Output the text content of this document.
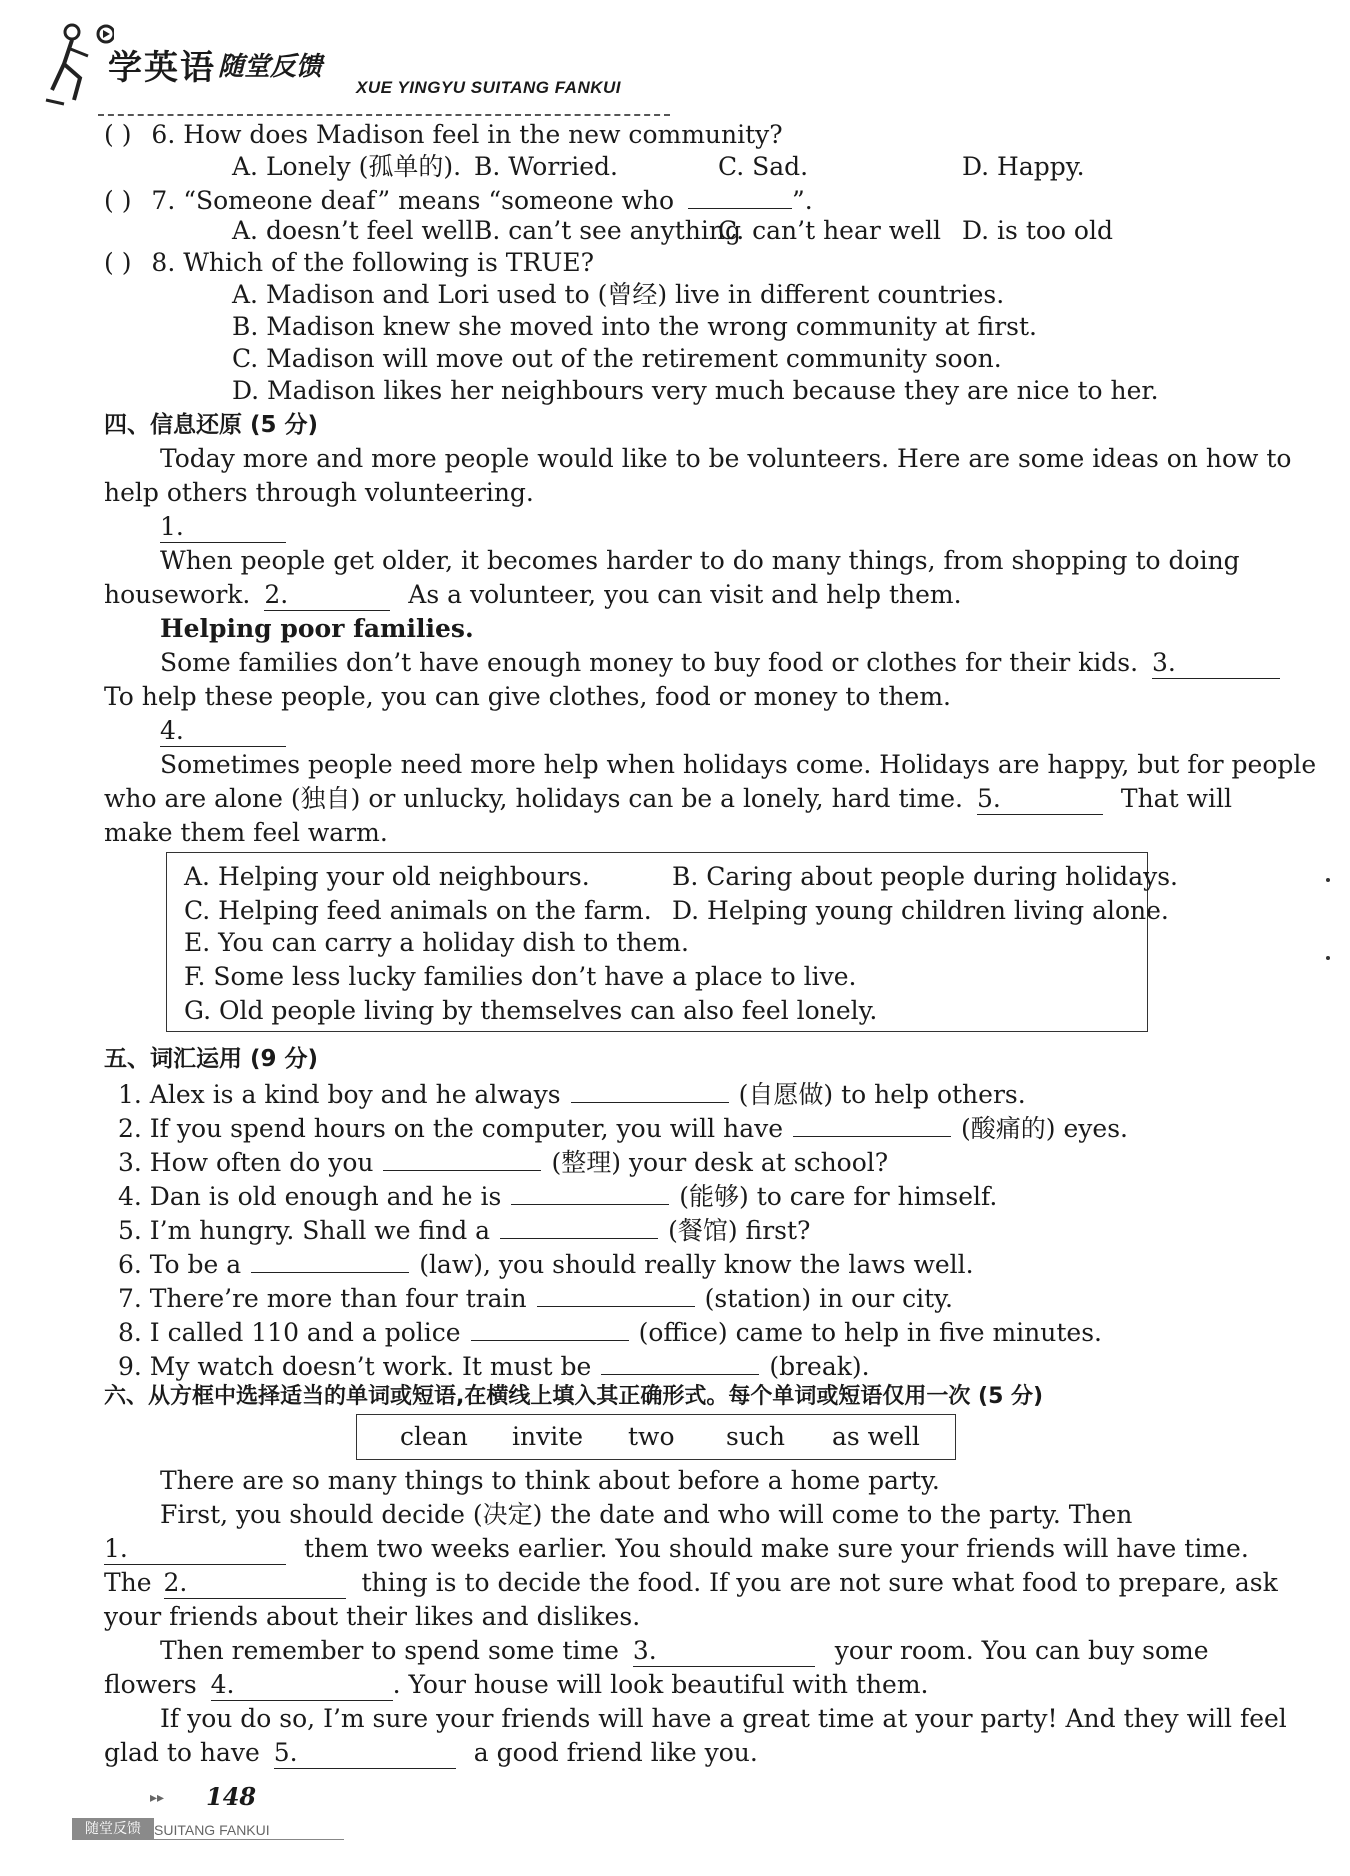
学英语 随堂反馈
XUE YINGYU SUITANG FANKUI
( ) 6. How does Madison feel in the new community?
A. Lonely (孤单的). B. Worried.	C. Sad.	D. Happy.
( ) 7. “Someone deaf” means “someone who	”.
A. doesn’t feel well B. can’t see anything
C. can’t hear well D. is too old
( ) 8. Which of the following is TRUE?
A. Madison and Lori used to (曾经) live in different countries.
B. Madison knew she moved into the wrong community at first.
C. Madison will move out of the retirement community soon.
D. Madison likes her neighbours very much because they are nice to her.
四、信息还原 (5 分)
Today more and more people would like to be volunteers. Here are some ideas on how to
help others through volunteering.
1.
When people get older, it becomes harder to do many things, from shopping to doing
housework. 2.	As a volunteer, you can visit and help them.
Helping poor families.
Some families don’t have enough money to buy food or clothes for their kids. 3.
To help these people, you can give clothes, food or money to them.
4.
Sometimes people need more help when holidays come. Holidays are happy, but for people
who are alone (独自) or unlucky, holidays can be a lonely, hard time. 5.	That will
make them feel warm.
A. Helping your old neighbours.	B. Caring about people during holidays.
C. Helping feed animals on the farm. D. Helping young children living alone.
E. You can carry a holiday dish to them.
F. Some less lucky families don’t have a place to live.
G. Old people living by themselves can also feel lonely.
五、词汇运用 (9 分)
1. Alex is a kind boy and he always	(自愿做) to help others.
2. If you spend hours on the computer, you will have	(酸痛的) eyes.
3. How often do you	(整理) your desk at school?
4. Dan is old enough and he is	(能够) to care for himself.
5. I’m hungry. Shall we find a	(餐馆) first?
6. To be a	(law), you should really know the laws well.
7. There’re more than four train	(station) in our city.
8. I called 110 and a police	(office) came to help in five minutes.
9. My watch doesn’t work. It must be	(break).
六、从方框中选择适当的单词或短语,在横线上填入其正确形式。每个单词或短语仅用一次 (5 分)
clean invite two such as well
There are so many things to think about before a home party.
First, you should decide (决定) the date and who will come to the party. Then
1.	them two weeks earlier. You should make sure your friends will have time.
The 2.	thing is to decide the food. If you are not sure what food to prepare, ask
your friends about their likes and dislikes.
Then remember to spend some time 3.	your room. You can buy some
flowers 4.	. Your house will look beautiful with them.
If you do so, I’m sure your friends will have a great time at your party! And they will feel
glad to have 5.	a good friend like you.
▸▸ 148
随堂反馈 SUITANG FANKUI
